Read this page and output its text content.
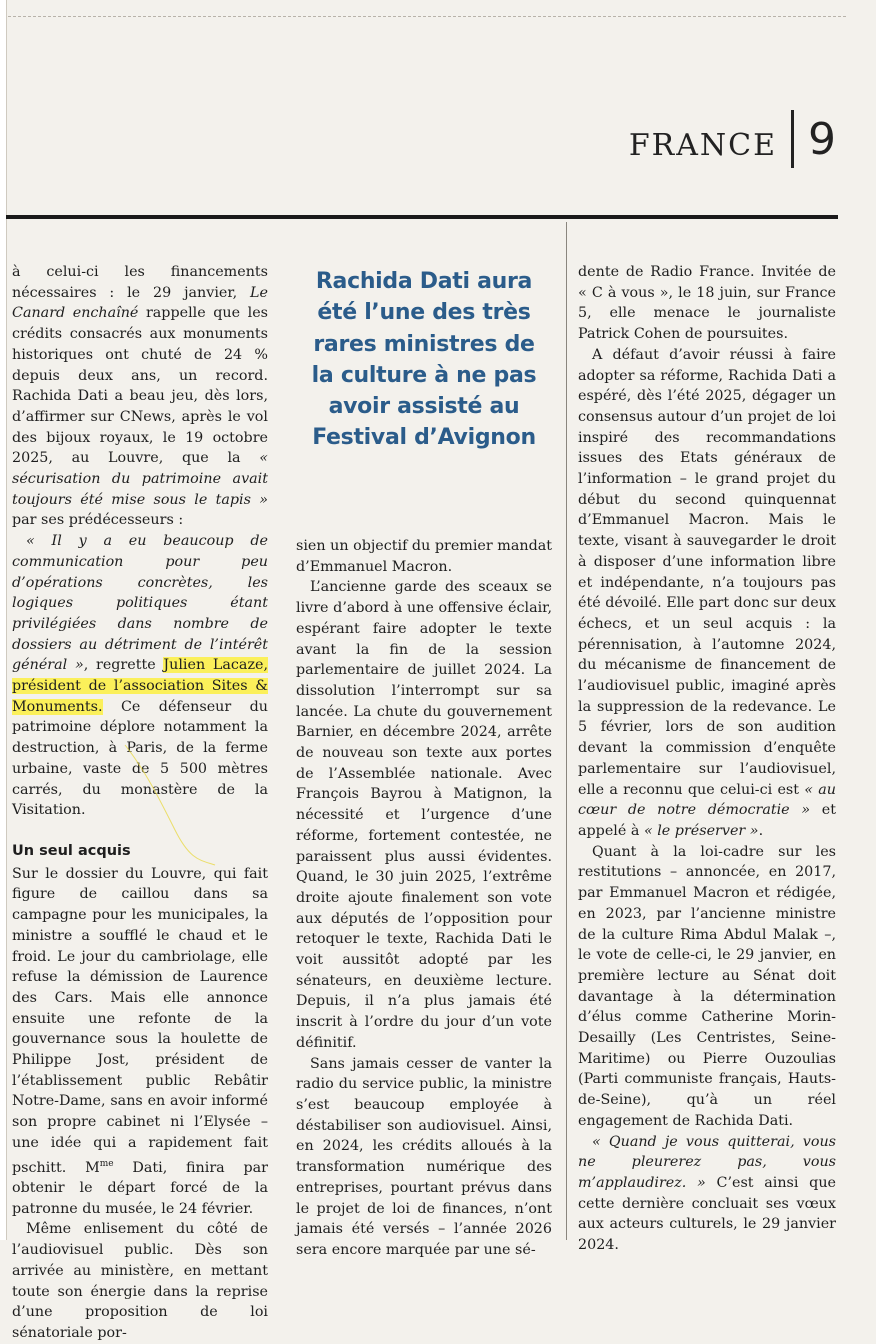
FRANCE 9

à celui-ci les financements nécessaires : le 29 janvier, Le Canard enchaîné rappelle que les crédits consacrés aux monuments historiques ont chuté de 24 % depuis deux ans, un record. Rachida Dati a beau jeu, dès lors, d’affirmer sur CNews, après le vol des bijoux royaux, le 19 octobre 2025, au Louvre, que la « sécurisation du patrimoine avait toujours été mise sous le tapis » par ses prédécesseurs :

« Il y a eu beaucoup de communication pour peu d’opérations concrètes, les logiques politiques étant privilégiées dans nombre de dossiers au détriment de l’intérêt général », regrette Julien Lacaze, président de l’association Sites & Monuments. Ce défenseur du patrimoine déplore notamment la destruction, à Paris, de la ferme urbaine, vaste de 5 500 mètres carrés, du monastère de la Visitation.

Un seul acquis

Sur le dossier du Louvre, qui fait figure de caillou dans sa campagne pour les municipales, la ministre a soufflé le chaud et le froid. Le jour du cambriolage, elle refuse la démission de Laurence des Cars. Mais elle annonce ensuite une refonte de la gouvernance sous la houlette de Philippe Jost, président de l’établissement public Rebâtir Notre-Dame, sans en avoir informé son propre cabinet ni l’Elysée – une idée qui a rapidement fait pschitt. $M^{me}$ Dati, finira par obtenir le départ forcé de la patronne du musée, le 24 février.

Même enlisement du côté de l’audiovisuel public. Dès son arrivée au ministère, en mettant toute son énergie dans la reprise d’une proposition de loi sénatoriale por-

Rachida Dati aura été l’une des très rares ministres de la culture à ne pas avoir assisté au Festival d’Avignon

sien un objectif du premier mandat d’Emmanuel Macron.

L’ancienne garde des sceaux se livre d’abord à une offensive éclair, espérant faire adopter le texte avant la fin de la session parlementaire de juillet 2024. La dissolution l’interrompt sur sa lancée. La chute du gouvernement Barnier, en décembre 2024, arrête de nouveau son texte aux portes de l’Assemblée nationale. Avec François Bayrou à Matignon, la nécessité et l’urgence d’une réforme, fortement contestée, ne paraissent plus aussi évidentes. Quand, le 30 juin 2025, l’extrême droite ajoute finalement son vote aux députés de l’opposition pour retoquer le texte, Rachida Dati le voit aussitôt adopté par les sénateurs, en deuxième lecture. Depuis, il n’a plus jamais été inscrit à l’ordre du jour d’un vote définitif.

Sans jamais cesser de vanter la radio du service public, la ministre s’est beaucoup employée à déstabiliser son audiovisuel. Ainsi, en 2024, les crédits alloués à la transformation numérique des entreprises, pourtant prévus dans le projet de loi de finances, n’ont jamais été versés – l’année 2026 sera encore marquée par une sé-

dente de Radio France. Invitée de « C à vous », le 18 juin, sur France 5, elle menace le journaliste Patrick Cohen de poursuites.

A défaut d’avoir réussi à faire adopter sa réforme, Rachida Dati a espéré, dès l’été 2025, dégager un consensus autour d’un projet de loi inspiré des recommandations issues des Etats généraux de l’information – le grand projet du début du second quinquennat d’Emmanuel Macron. Mais le texte, visant à sauvegarder le droit à disposer d’une information libre et indépendante, n’a toujours pas été dévoilé. Elle part donc sur deux échecs, et un seul acquis : la pérennisation, à l’automne 2024, du mécanisme de financement de l’audiovisuel public, imaginé après la suppression de la redevance. Le 5 février, lors de son audition devant la commission d’enquête parlementaire sur l’audiovisuel, elle a reconnu que celui-ci est « au cœur de notre démocratie » et appelé à « le préserver ».

Quant à la loi-cadre sur les restitutions – annoncée, en 2017, par Emmanuel Macron et rédigée, en 2023, par l’ancienne ministre de la culture Rima Abdul Malak –, le vote de celle-ci, le 29 janvier, en première lecture au Sénat doit davantage à la détermination d’élus comme Catherine Morin-Desailly (Les Centristes, Seine-Maritime) ou Pierre Ouzoulias (Parti communiste français, Hauts-de-Seine), qu’à un réel engagement de Rachida Dati.

« Quand je vous quitterai, vous ne pleurerez pas, vous m’applaudirez. » C’est ainsi que cette dernière concluait ses vœux aux acteurs culturels, le 29 janvier 2024.
